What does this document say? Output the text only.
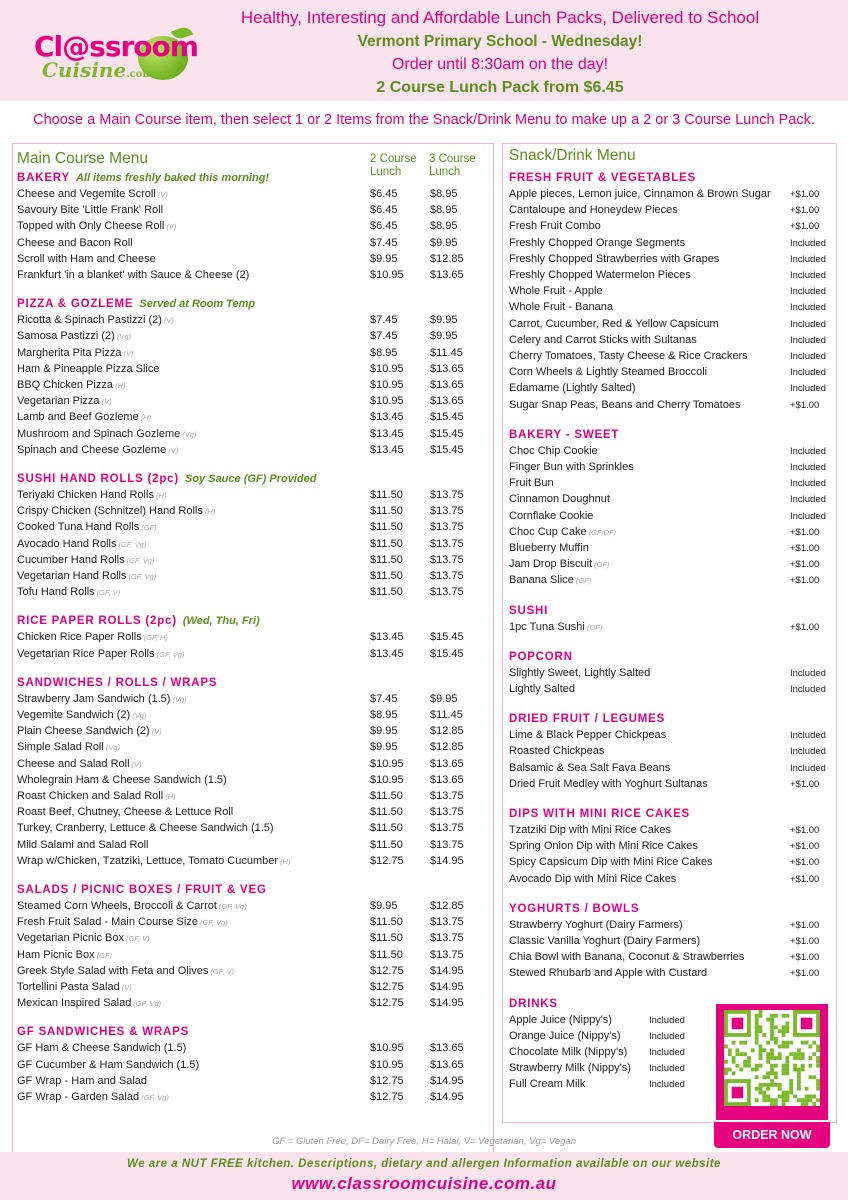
Cl@ssroom
Cuisine.com.au
Healthy, Interesting and Affordable Lunch Packs, Delivered to School
Vermont Primary School - Wednesday!
Order until 8:30am on the day!
2 Course Lunch Pack from $6.45
Choose a Main Course item, then select 1 or 2 Items from the Snack/Drink Menu to make up a 2 or 3 Course Lunch Pack.
Main Course Menu	2 Course Lunch
3 Course Lunch
BAKERY All items freshly baked this morning!
Cheese and Vegemite Scroll (V)	$6.45	$8.95
Savoury Bite 'Little Frank' Roll	$6.45	$8.95
Topped with Only Cheese Roll (V)	$6.45	$8.95
Cheese and Bacon Roll	$7.45	$9.95
Scroll with Ham and Cheese	$9.95	$12.85
Frankfurt 'in a blanket' with Sauce & Cheese (2)	$10.95 $13.65
PIZZA & GOZLEME Served at Room Temp
Ricotta & Spinach Pastizzi (2) (V)	$7.45	$9.95
Samosa Pastizzi (2) (Vg)	$7.45	$9.95
Margherita Pita Pizza (V)	$8.95	$11.45
Ham & Pineapple Pizza Slice	$10.95 $13.65
BBQ Chicken Pizza (H)	$10.95 $13.65
Vegetarian Pizza (V)	$10.95 $13.65
Lamb and Beef Gozleme (H)	$13.45 $15.45
Mushroom and Spinach Gozleme (Vg)	$13.45 $15.45
Spinach and Cheese Gozleme (V)	$13.45 $15.45
SUSHI HAND ROLLS (2pc) Soy Sauce (GF) Provided
Teriyaki Chicken Hand Rolls (H)	$11.50 $13.75
Crispy Chicken (Schnitzel) Hand Rolls (H)	$11.50 $13.75
Cooked Tuna Hand Rolls (GF)	$11.50 $13.75
Avocado Hand Rolls (GF, Vg)	$11.50 $13.75
Cucumber Hand Rolls (GF, Vg)	$11.50 $13.75
Vegetarian Hand Rolls (GF, Vg)	$11.50 $13.75
Tofu Hand Rolls (GF, V)	$11.50 $13.75
RICE PAPER ROLLS (2pc) (Wed, Thu, Fri)
Chicken Rice Paper Rolls (GF, H)	$13.45 $15.45
Vegetarian Rice Paper Rolls (GF, Vg)	$13.45 $15.45
SANDWICHES / ROLLS / WRAPS
Strawberry Jam Sandwich (1.5) (Vg)	$7.45	$9.95
Vegemite Sandwich (2) (Vg)	$8.95	$11.45
Plain Cheese Sandwich (2) (V)	$9.95	$12.85
Simple Salad Roll (Vg)	$9.95	$12.85
Cheese and Salad Roll (V)	$10.95 $13.65
Wholegrain Ham & Cheese Sandwich (1.5)	$10.95 $13.65
Roast Chicken and Salad Roll (H)	$11.50 $13.75
Roast Beef, Chutney, Cheese & Lettuce Roll	$11.50 $13.75
Turkey, Cranberry, Lettuce & Cheese Sandwich (1.5)	$11.50 $13.75
Mild Salami and Salad Roll	$11.50 $13.75
Wrap w/Chicken, Tzatziki, Lettuce, Tomato Cucumber (H)	$12.75 $14.95
SALADS / PICNIC BOXES / FRUIT & VEG
Steamed Corn Wheels, Broccoli & Carrot (GF, Vg)	$9.95	$12.85
Fresh Fruit Salad - Main Course Size (GF, Vg)	$11.50 $13.75
Vegetarian Picnic Box (GF, V)	$11.50 $13.75
Ham Picnic Box (GF)	$11.50 $13.75
Greek Style Salad with Feta and Olives (GF, V)	$12.75 $14.95
Tortellini Pasta Salad (V)	$12.75 $14.95
Mexican Inspired Salad (GF, Vg)	$12.75 $14.95
GF SANDWICHES & WRAPS
GF Ham & Cheese Sandwich (1.5)	$10.95 $13.65
GF Cucumber & Ham Sandwich (1.5)	$10.95 $13.65
GF Wrap - Ham and Salad	$12.75 $14.95
GF Wrap - Garden Salad (GF, Vg)	$12.75 $14.95
Snack/Drink Menu
FRESH FRUIT & VEGETABLES
Apple pieces, Lemon juice, Cinnamon & Brown Sugar +$1.00
Cantaloupe and Honeydew Pieces	+$1.00
Fresh Fruit Combo	+$1.00
Freshly Chopped Orange Segments	Included
Freshly Chopped Strawberries with Grapes	Included
Freshly Chopped Watermelon Pieces	Included
Whole Fruit - Apple	Included
Whole Fruit - Banana	Included
Carrot, Cucumber, Red & Yellow Capsicum	Included
Celery and Carrot Sticks with Sultanas	Included
Cherry Tomatoes, Tasty Cheese & Rice Crackers	Included
Corn Wheels & Lightly Steamed Broccoli	Included
Edamame (Lightly Salted)	Included
Sugar Snap Peas, Beans and Cherry Tomatoes	+$1.00
BAKERY - SWEET
Choc Chip Cookie	Included
Finger Bun with Sprinkles	Included
Fruit Bun	Included
Cinnamon Doughnut	Included
Cornflake Cookie	Included
Choc Cup Cake (GF/DF)	+$1.00
Blueberry Muffin	+$1.00
Jam Drop Biscuit (GF)	+$1.00
Banana Slice (GF)	+$1.00
SUSHI
1pc Tuna Sushi (GF)	+$1.00
POPCORN
Slightly Sweet, Lightly Salted	Included
Lightly Salted	Included
DRIED FRUIT / LEGUMES
Lime & Black Pepper Chickpeas	Included
Roasted Chickpeas	Included
Balsamic & Sea Salt Fava Beans	Included
Dried Fruit Medley with Yoghurt Sultanas	+$1.00
DIPS WITH MINI RICE CAKES
Tzatziki Dip with Mini Rice Cakes	+$1.00
Spring Onion Dip with Mini Rice Cakes	+$1.00
Spicy Capsicum Dip with Mini Rice Cakes	+$1.00
Avocado Dip with Mini Rice Cakes	+$1.00
YOGHURTS / BOWLS
Strawberry Yoghurt (Dairy Farmers)	+$1.00
Classic Vanilla Yoghurt (Dairy Farmers)	+$1.00
Chia Bowl with Banana, Coconut & Strawberries	+$1.00
Stewed Rhubarb and Apple with Custard	+$1.00
DRINKS
Apple Juice (Nippy's)	Included
Orange Juice (Nippy's)	Included
Chocolate Milk (Nippy's) Included
Strawberry Milk (Nippy's) Included
Full Cream Milk	Included
ORDER NOW
GF = Gluten Free, DF= Dairy Free, H= Halal, V= Vegetarian, Vg= Vegan
We are a NUT FREE kitchen. Descriptions, dietary and allergen Information available on our website
www.classroomcuisine.com.au
